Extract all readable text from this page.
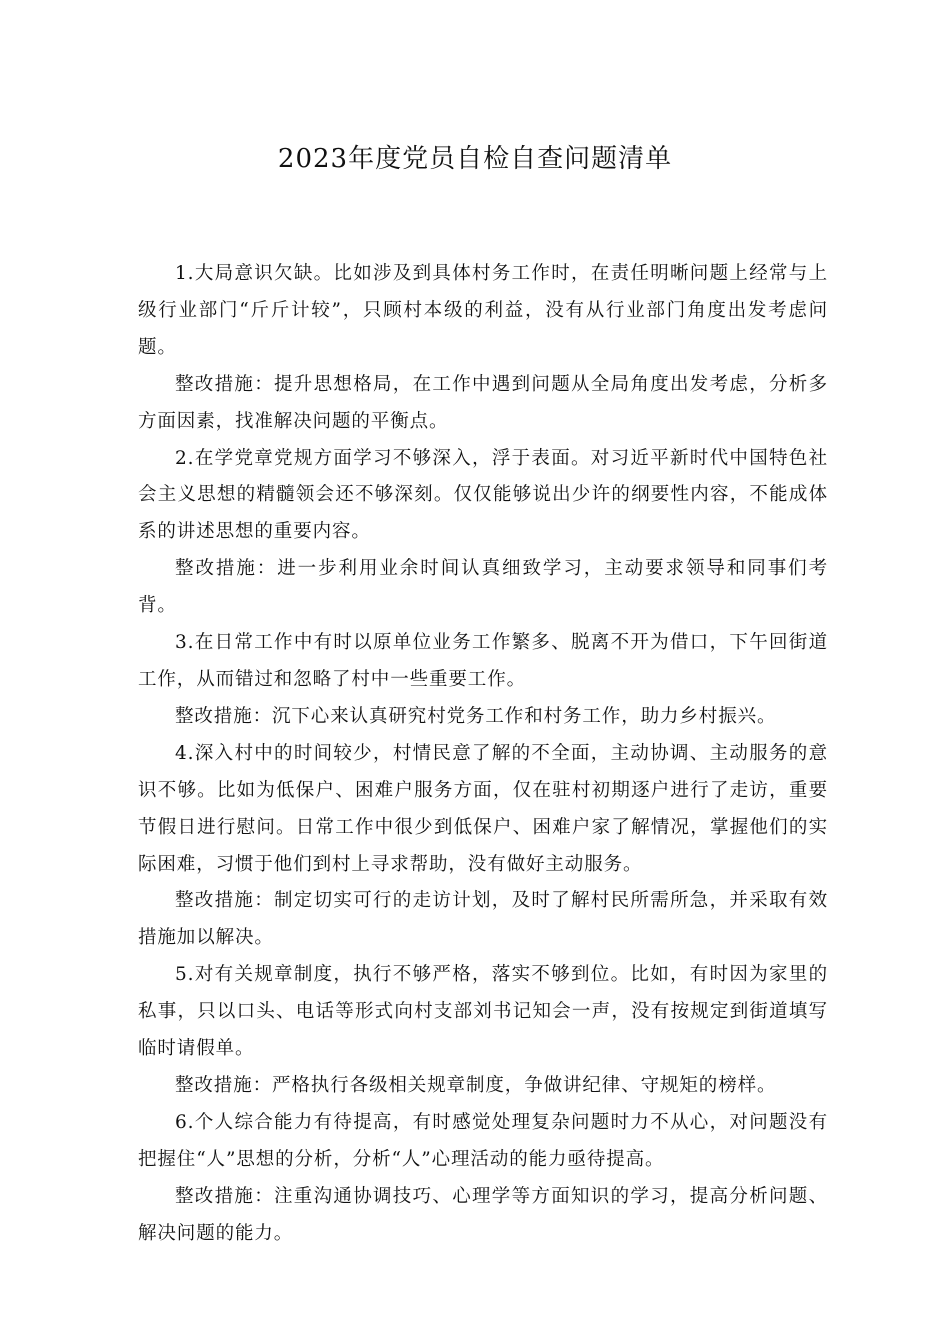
2023年度党员自检自查问题清单

1.大局意识欠缺。比如涉及到具体村务工作时，在责任明晰问题上经常与上级行业部门“斤斤计较”，只顾村本级的利益，没有从行业部门角度出发考虑问题。

整改措施：提升思想格局，在工作中遇到问题从全局角度出发考虑，分析多方面因素，找准解决问题的平衡点。

2.在学党章党规方面学习不够深入，浮于表面。对习近平新时代中国特色社会主义思想的精髓领会还不够深刻。仅仅能够说出少许的纲要性内容，不能成体系的讲述思想的重要内容。

整改措施：进一步利用业余时间认真细致学习，主动要求领导和同事们考背。

3.在日常工作中有时以原单位业务工作繁多、脱离不开为借口，下午回街道工作，从而错过和忽略了村中一些重要工作。

整改措施：沉下心来认真研究村党务工作和村务工作，助力乡村振兴。

4.深入村中的时间较少，村情民意了解的不全面，主动协调、主动服务的意识不够。比如为低保户、困难户服务方面，仅在驻村初期逐户进行了走访，重要节假日进行慰问。日常工作中很少到低保户、困难户家了解情况，掌握他们的实际困难，习惯于他们到村上寻求帮助，没有做好主动服务。

整改措施：制定切实可行的走访计划，及时了解村民所需所急，并采取有效措施加以解决。

5.对有关规章制度，执行不够严格，落实不够到位。比如，有时因为家里的私事，只以口头、电话等形式向村支部刘书记知会一声，没有按规定到街道填写临时请假单。

整改措施：严格执行各级相关规章制度，争做讲纪律、守规矩的榜样。

6.个人综合能力有待提高，有时感觉处理复杂问题时力不从心，对问题没有把握住“人”思想的分析，分析“人”心理活动的能力亟待提高。

整改措施：注重沟通协调技巧、心理学等方面知识的学习，提高分析问题、解决问题的能力。
